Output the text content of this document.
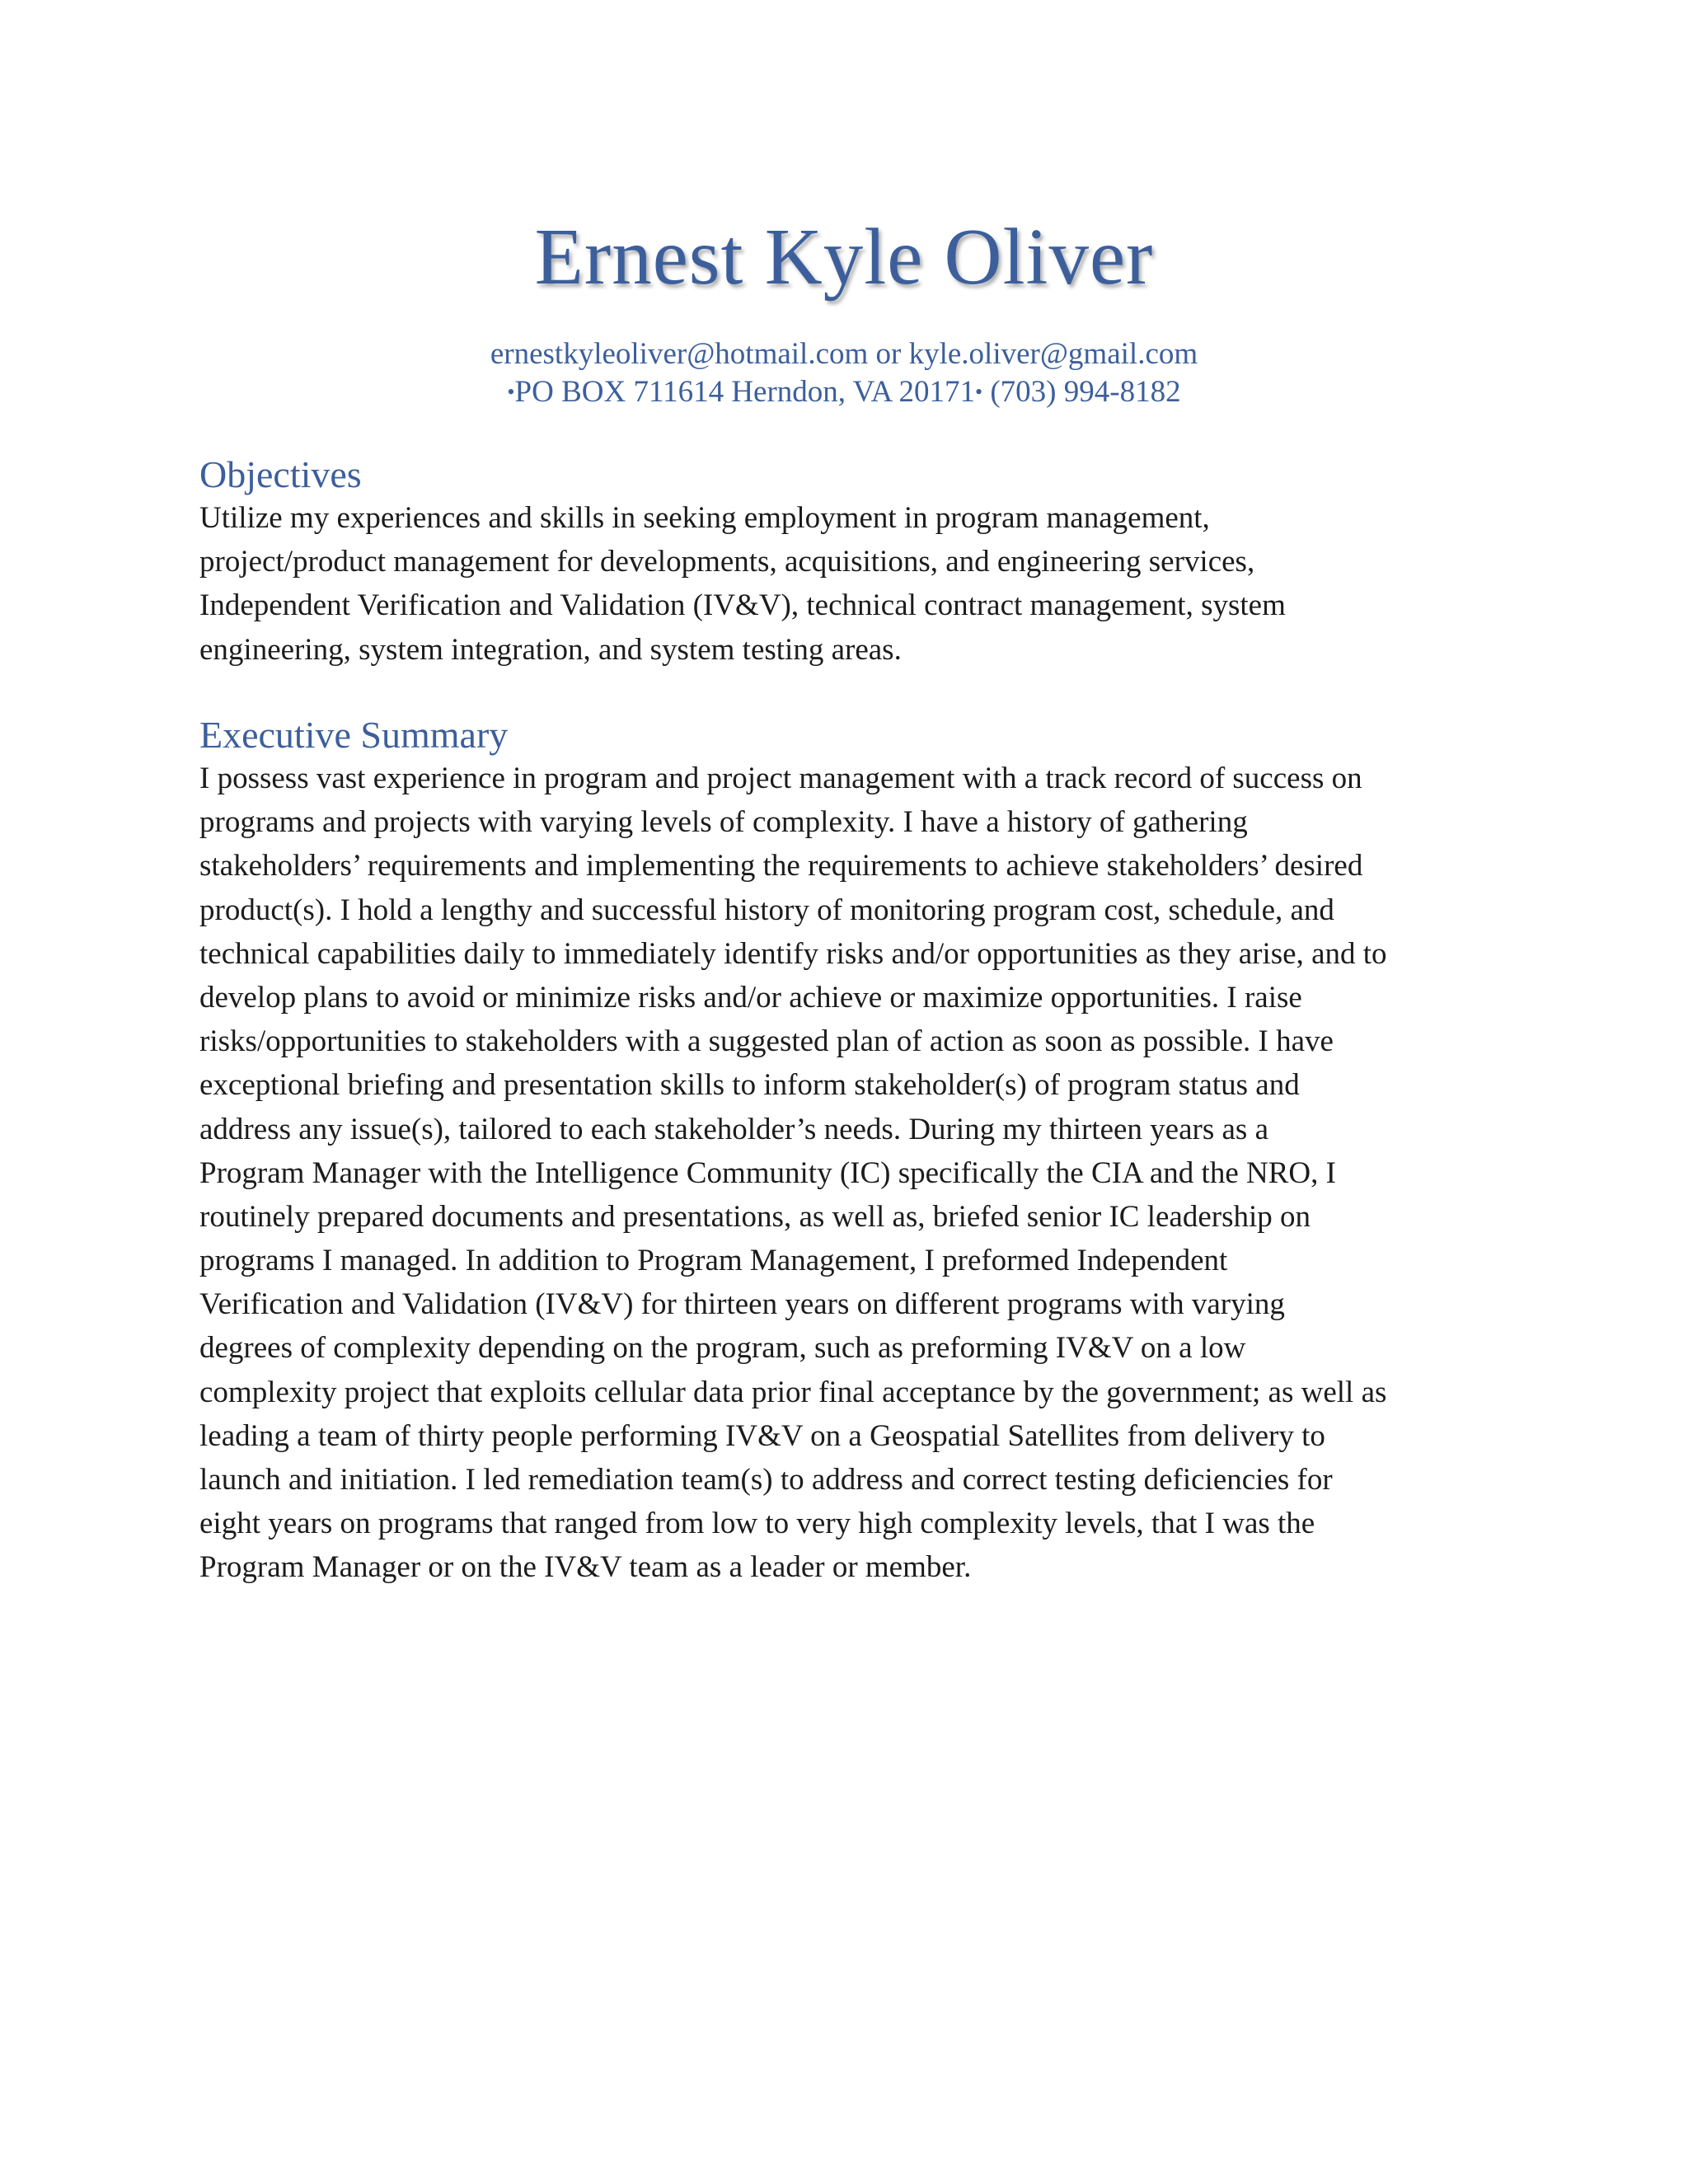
Ernest Kyle Oliver

ernestkyleoliver@hotmail.com or kyle.oliver@gmail.com

•PO BOX 711614 Herndon, VA 20171• (703) 994-8182

Objectives
Utilize my experiences and skills in seeking employment in program management,
project/product management for developments, acquisitions, and engineering services,
Independent Verification and Validation (IV&V), technical contract management, system
engineering, system integration, and system testing areas.
Executive Summary
I possess vast experience in program and project management with a track record of success on
programs and projects with varying levels of complexity. I have a history of gathering
stakeholders’ requirements and implementing the requirements to achieve stakeholders’ desired
product(s). I hold a lengthy and successful history of monitoring program cost, schedule, and
technical capabilities daily to immediately identify risks and/or opportunities as they arise, and to
develop plans to avoid or minimize risks and/or achieve or maximize opportunities. I raise
risks/opportunities to stakeholders with a suggested plan of action as soon as possible. I have
exceptional briefing and presentation skills to inform stakeholder(s) of program status and
address any issue(s), tailored to each stakeholder’s needs. During my thirteen years as a
Program Manager with the Intelligence Community (IC) specifically the CIA and the NRO, I
routinely prepared documents and presentations, as well as, briefed senior IC leadership on
programs I managed. In addition to Program Management, I preformed Independent
Verification and Validation (IV&V) for thirteen years on different programs with varying
degrees of complexity depending on the program, such as preforming IV&V on a low
complexity project that exploits cellular data prior final acceptance by the government; as well as
leading a team of thirty people performing IV&V on a Geospatial Satellites from delivery to
launch and initiation. I led remediation team(s) to address and correct testing deficiencies for
eight years on programs that ranged from low to very high complexity levels, that I was the
Program Manager or on the IV&V team as a leader or member.
